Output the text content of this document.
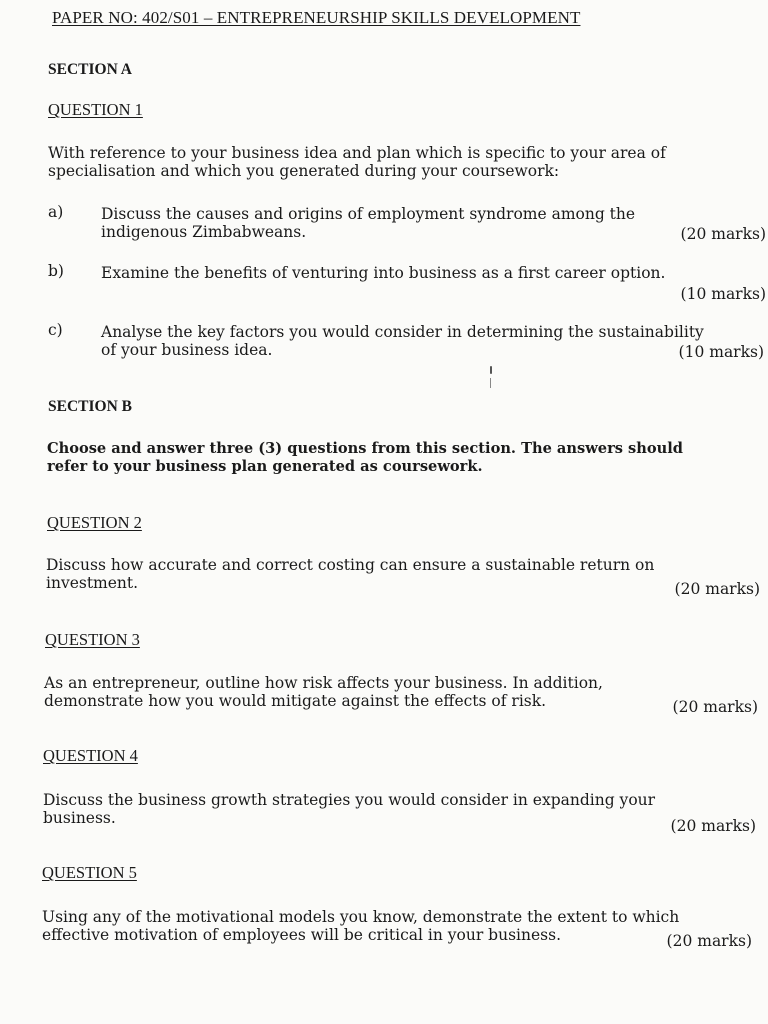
PAPER NO: 402/S01 – ENTREPRENEURSHIP SKILLS DEVELOPMENT
SECTION A
QUESTION 1
With reference to your business idea and plan which is specific to your area of
specialisation and which you generated during your coursework:
a) Discuss the causes and origins of employment syndrome among the
indigenous Zimbabweans.	(20 marks)
b) Examine the benefits of venturing into business as a first career option.
(10 marks)
c) Analyse the key factors you would consider in determining the sustainability
of your business idea.	(10 marks)
SECTION B
Choose and answer three (3) questions from this section. The answers should
refer to your business plan generated as coursework.
QUESTION 2
Discuss how accurate and correct costing can ensure a sustainable return on
investment.	(20 marks)
QUESTION 3
As an entrepreneur, outline how risk affects your business. In addition,
demonstrate how you would mitigate against the effects of risk.	(20 marks)
QUESTION 4
Discuss the business growth strategies you would consider in expanding your
business.	(20 marks)
QUESTION 5
Using any of the motivational models you know, demonstrate the extent to which
effective motivation of employees will be critical in your business.	(20 marks)
